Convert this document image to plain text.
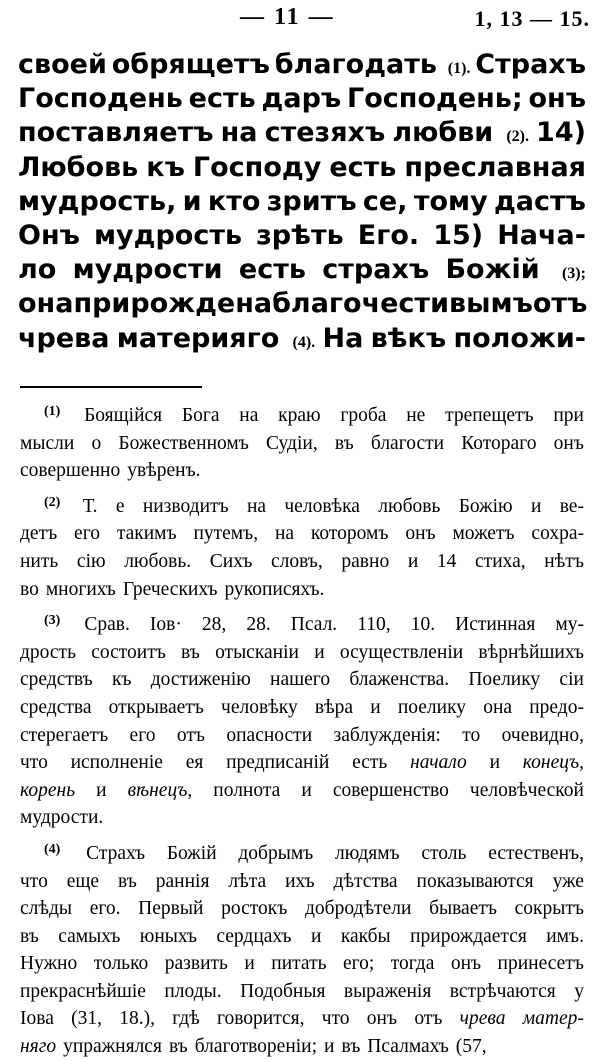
— 11 —	1, 13 — 15.
своей обрящетъ благодать (1). Страхъ
Господень есть даръ Господень; онъ
поставляетъ на стезяхъ любви (2). 14)
Любовь къ Господу есть преславная
мудрость, и кто зритъ се, тому дастъ
Онъ мудрость зрѣть Его. 15) Нача-
ло мудрости есть страхъ Божiй (3);
она прирождена благочестивымъ отъ
чрева материяго (4). На вѣкъ положи-
(1) Боящiйся Бога на краю гроба не трепещетъ при
мысли о Божественномъ Судiи, въ благости Котораго онъ
совершенно увѣренъ.
(2) Т. е низводитъ на человѣка любовь Божiю и ве-
детъ его такимъ путемъ, на которомъ онъ можетъ сохра-
нить сiю любовь. Сихъ словъ, равно и 14 стиха, нѣтъ
во многихъ Греческихъ рукописяхъ.
(3) Срав. Iов· 28, 28. Псал. 110, 10. Истинная му-
дрость состоитъ въ отысканiи и осуществленiи вѣрнѣйшихъ
средствъ къ достиженiю нашего блаженства. Поелику сiи
средства открываетъ человѣку вѣра и поелику она предо-
стерегаетъ его отъ опасности заблужденiя: то очевидно,
что исполненiе ея предписанiй есть начало и конецъ,
корень и вѣнецъ, полнота и совершенство человѣческой
мудрости.
(4) Страхъ Божiй добрымъ людямъ столь естественъ,
что еще въ раннiя лѣта ихъ дѣтства показываются уже
слѣды его. Первый ростокъ добродѣтели бываетъ сокрытъ
въ самыхъ юныхъ сердцахъ и какбы прирождается имъ.
Нужно только развить и питать его; тогда онъ принесетъ
прекраснѣйшiе плоды. Подобныя выраженiя встрѣчаются у
Iова (31, 18.), гдѣ говорится, что онъ отъ чрева матер-
няго упражнялся въ благотворенiи; и въ Псалмахъ (57,
